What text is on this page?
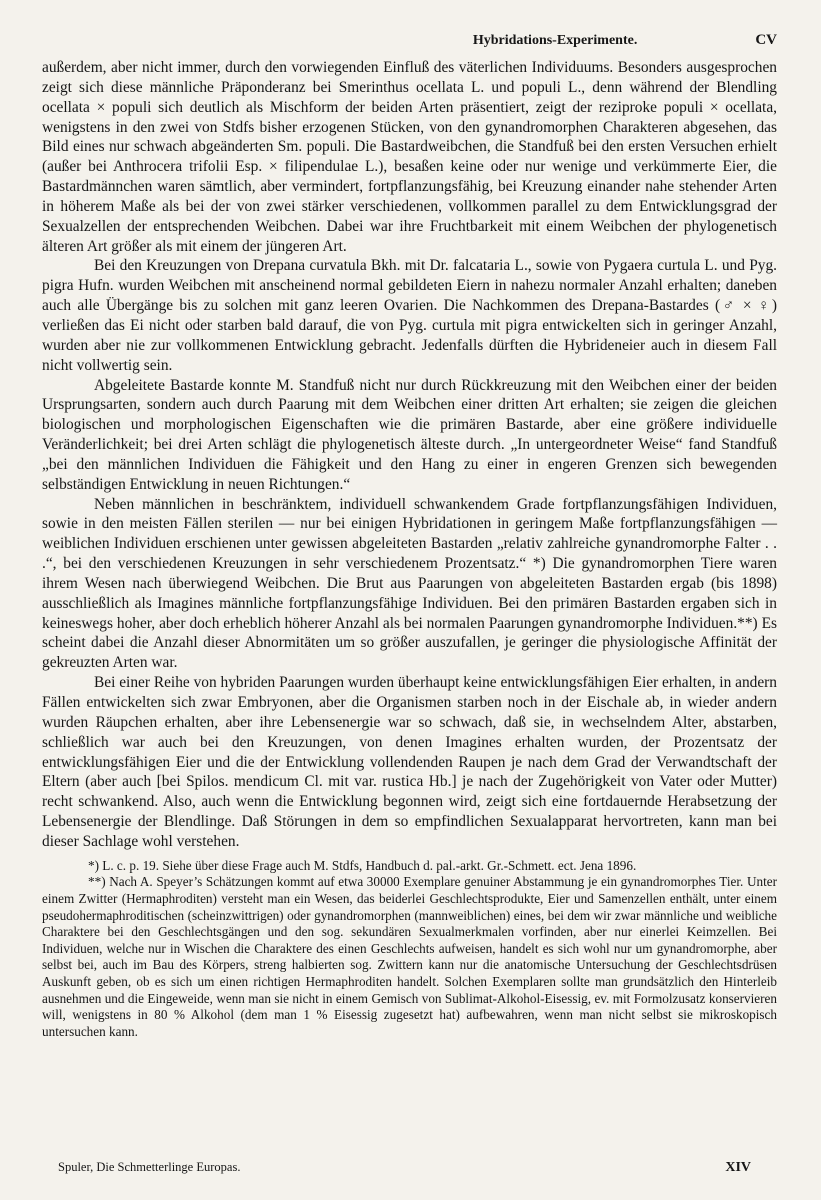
Hybridations-Experimente.	CV

außerdem, aber nicht immer, durch den vorwiegenden Einfluß des väterlichen Individuums. Besonders ausgesprochen zeigt sich diese männliche Präponderanz bei Smerinthus ocellata L. und populi L., denn während der Blendling ocellata × populi sich deutlich als Mischform der beiden Arten präsentiert, zeigt der reziproke populi × ocellata, wenigstens in den zwei von Stdfs bisher erzogenen Stücken, von den gynandromorphen Charakteren abgesehen, das Bild eines nur schwach abgeänderten Sm. populi. Die Bastardweibchen, die Standfuß bei den ersten Versuchen erhielt (außer bei Anthrocera trifolii Esp. × filipendulae L.), besaßen keine oder nur wenige und verkümmerte Eier, die Bastardmännchen waren sämtlich, aber vermindert, fortpflanzungsfähig, bei Kreuzung einander nahe stehender Arten in höherem Maße als bei der von zwei stärker verschiedenen, vollkommen parallel zu dem Entwicklungsgrad der Sexualzellen der entsprechenden Weibchen. Dabei war ihre Fruchtbarkeit mit einem Weibchen der phylogenetisch älteren Art größer als mit einem der jüngeren Art.

Bei den Kreuzungen von Drepana curvatula Bkh. mit Dr. falcataria L., sowie von Pygaera curtula L. und Pyg. pigra Hufn. wurden Weibchen mit anscheinend normal gebildeten Eiern in nahezu normaler Anzahl erhalten; daneben auch alle Übergänge bis zu solchen mit ganz leeren Ovarien. Die Nachkommen des Drepana-Bastardes (♂ × ♀) verließen das Ei nicht oder starben bald darauf, die von Pyg. curtula mit pigra entwickelten sich in geringer Anzahl, wurden aber nie zur vollkommenen Entwicklung gebracht. Jedenfalls dürften die Hybrideneier auch in diesem Fall nicht vollwertig sein.

Abgeleitete Bastarde konnte M. Standfuß nicht nur durch Rückkreuzung mit den Weibchen einer der beiden Ursprungsarten, sondern auch durch Paarung mit dem Weibchen einer dritten Art erhalten; sie zeigen die gleichen biologischen und morphologischen Eigenschaften wie die primären Bastarde, aber eine größere individuelle Veränderlichkeit; bei drei Arten schlägt die phylogenetisch älteste durch. „In untergeordneter Weise“ fand Standfuß „bei den männlichen Individuen die Fähigkeit und den Hang zu einer in engeren Grenzen sich bewegenden selbständigen Entwicklung in neuen Richtungen.“

Neben männlichen in beschränktem, individuell schwankendem Grade fortpflanzungsfähigen Individuen, sowie in den meisten Fällen sterilen — nur bei einigen Hybridationen in geringem Maße fortpflanzungsfähigen — weiblichen Individuen erschienen unter gewissen abgeleiteten Bastarden „relativ zahlreiche gynandromorphe Falter . . .“, bei den verschiedenen Kreuzungen in sehr verschiedenem Prozentsatz.“ *) Die gynandromorphen Tiere waren ihrem Wesen nach überwiegend Weibchen. Die Brut aus Paarungen von abgeleiteten Bastarden ergab (bis 1898) ausschließlich als Imagines männliche fortpflanzungsfähige Individuen. Bei den primären Bastarden ergaben sich in keineswegs hoher, aber doch erheblich höherer Anzahl als bei normalen Paarungen gynandromorphe Individuen.**) Es scheint dabei die Anzahl dieser Abnormitäten um so größer auszufallen, je geringer die physiologische Affinität der gekreuzten Arten war.

Bei einer Reihe von hybriden Paarungen wurden überhaupt keine entwicklungsfähigen Eier erhalten, in andern Fällen entwickelten sich zwar Embryonen, aber die Organismen starben noch in der Eischale ab, in wieder andern wurden Räupchen erhalten, aber ihre Lebensenergie war so schwach, daß sie, in wechselndem Alter, abstarben, schließlich war auch bei den Kreuzungen, von denen Imagines erhalten wurden, der Prozentsatz der entwicklungsfähigen Eier und die der Entwicklung vollendenden Raupen je nach dem Grad der Verwandtschaft der Eltern (aber auch [bei Spilos. mendicum Cl. mit var. rustica Hb.] je nach der Zugehörigkeit von Vater oder Mutter) recht schwankend. Also, auch wenn die Entwicklung begonnen wird, zeigt sich eine fortdauernde Herabsetzung der Lebensenergie der Blendlinge. Daß Störungen in dem so empfindlichen Sexualapparat hervortreten, kann man bei dieser Sachlage wohl verstehen.

*) L. c. p. 19. Siehe über diese Frage auch M. Stdfs, Handbuch d. pal.-arkt. Gr.-Schmett. ect. Jena 1896.

**) Nach A. Speyer’s Schätzungen kommt auf etwa 30000 Exemplare genuiner Abstammung je ein gynandromorphes Tier. Unter einem Zwitter (Hermaphroditen) versteht man ein Wesen, das beiderlei Geschlechtsprodukte, Eier und Samenzellen enthält, unter einem pseudohermaphroditischen (scheinzwittrigen) oder gynandromorphen (mannweiblichen) eines, bei dem wir zwar männliche und weibliche Charaktere bei den Geschlechtsgängen und den sog. sekundären Sexualmerkmalen vorfinden, aber nur einerlei Keimzellen. Bei Individuen, welche nur in Wischen die Charaktere des einen Geschlechts aufweisen, handelt es sich wohl nur um gynandromorphe, aber selbst bei, auch im Bau des Körpers, streng halbierten sog. Zwittern kann nur die anatomische Untersuchung der Geschlechtsdrüsen Auskunft geben, ob es sich um einen richtigen Hermaphroditen handelt. Solchen Exemplaren sollte man grundsätzlich den Hinterleib ausnehmen und die Eingeweide, wenn man sie nicht in einem Gemisch von Sublimat-Alkohol-Eisessig, ev. mit Formolzusatz konservieren will, wenigstens in 80 % Alkohol (dem man 1 % Eisessig zugesetzt hat) aufbewahren, wenn man nicht selbst sie mikroskopisch untersuchen kann.

Spuler, Die Schmetterlinge Europas.	XIV
